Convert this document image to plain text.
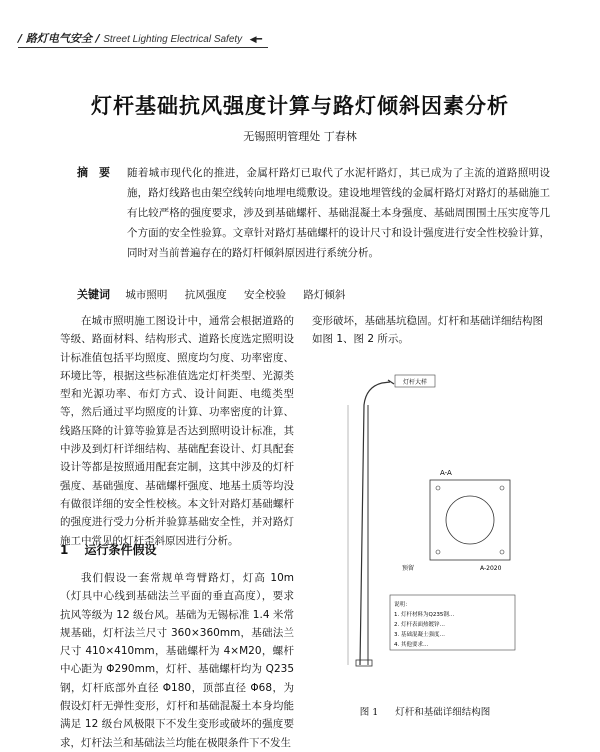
/ 路灯电气安全 / Street Lighting Electrical Safety ◀━
灯杆基础抗风强度计算与路灯倾斜因素分析
无锡照明管理处 丁春林
摘　要 随着城市现代化的推进，金属杆路灯已取代了水泥杆路灯，其已成为了主流的道路照明设施，路灯线路也由架空线转向地埋电缆敷设。建设地埋管线的金属杆路灯对路灯的基础施工有比较严格的强度要求，涉及到基础螺杆、基础混凝土本身强度、基础周围围土压实度等几个方面的安全性验算。文章针对路灯基础螺杆的设计尺寸和设计强度进行安全性校验计算，同时对当前普遍存在的路灯杆倾斜原因进行系统分析。
关键词 城市照明 抗风强度 安全校验 路灯倾斜

在城市照明施工图设计中，通常会根据道路的等级、路面材料、结构形式、道路长度选定照明设计标准值包括平均照度、照度均匀度、功率密度、环境比等，根据这些标准值选定灯杆类型、光源类型和光源功率、布灯方式、设计间距、电缆类型等，然后通过平均照度的计算、功率密度的计算、线路压降的计算等验算是否达到照明设计标准，其中涉及到灯杆详细结构、基础配套设计、灯具配套设计等都是按照通用配套定制，这其中涉及的灯杆强度、基础强度、基础螺杆强度、地基土质等均没有做很详细的安全性校核。本文针对路灯基础螺杆的强度进行受力分析并验算基础安全性，并对路灯施工中常见的灯杆歪斜原因进行分析。

1 运行条件假设

我们假设一套常规单弯臂路灯，灯高 10m（灯具中心线到基础法兰平面的垂直高度），要求抗风等级为 12 级台风。基础为无锡标准 1.4 米常规基础，灯杆法兰尺寸 360×360mm，基础法兰尺寸 410×410mm，基础螺杆为 4×M20，螺杆中心距为 Φ290mm，灯杆、基础螺杆均为 Q235 钢，灯杆底部外直径 Φ180，顶部直径 Φ68，为假设灯杆无弹性变形，灯杆和基础混凝土本身均能满足 12 级台风极限下不发生变形或破坏的强度要求，灯杆法兰和基础法兰均能在极限条件下不发生

变形破坏，基础基坑稳固。灯杆和基础详细结构图如图 1、图 2 所示。

灯杆大样
A-A
预留	A-2020
说明：
1. 灯杆材料为Q235钢…
2. 灯杆表面热镀锌…
3. 基础混凝土强度…
4. 其他要求…
图 1 灯杆和基础详细结构图
